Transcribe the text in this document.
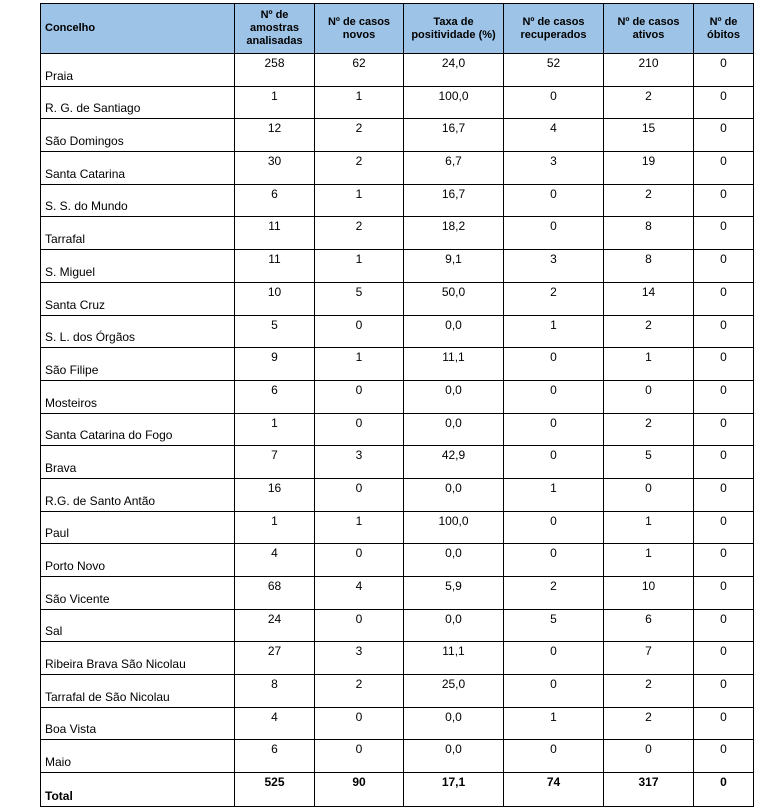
Concelho	Nº de amostras analisadas	Nº de casos novos	Taxa de positividade (%)	Nº de casos recuperados	Nº de casos ativos	Nº de óbitos
Praia	258	62	24,0	52	210	0
R. G. de Santiago	1	1	100,0	0	2	0
São Domingos	12	2	16,7	4	15	0
Santa Catarina	30	2	6,7	3	19	0
S. S. do Mundo	6	1	16,7	0	2	0
Tarrafal	11	2	18,2	0	8	0
S. Miguel	11	1	9,1	3	8	0
Santa Cruz	10	5	50,0	2	14	0
S. L. dos Órgãos	5	0	0,0	1	2	0
São Filipe	9	1	11,1	0	1	0
Mosteiros	6	0	0,0	0	0	0
Santa Catarina do Fogo	1	0	0,0	0	2	0
Brava	7	3	42,9	0	5	0
R.G. de Santo Antão	16	0	0,0	1	0	0
Paul	1	1	100,0	0	1	0
Porto Novo	4	0	0,0	0	1	0
São Vicente	68	4	5,9	2	10	0
Sal	24	0	0,0	5	6	0
Ribeira Brava São Nicolau	27	3	11,1	0	7	0
Tarrafal de São Nicolau	8	2	25,0	0	2	0
Boa Vista	4	0	0,0	1	2	0
Maio	6	0	0,0	0	0	0
Total	525	90	17,1	74	317	0
